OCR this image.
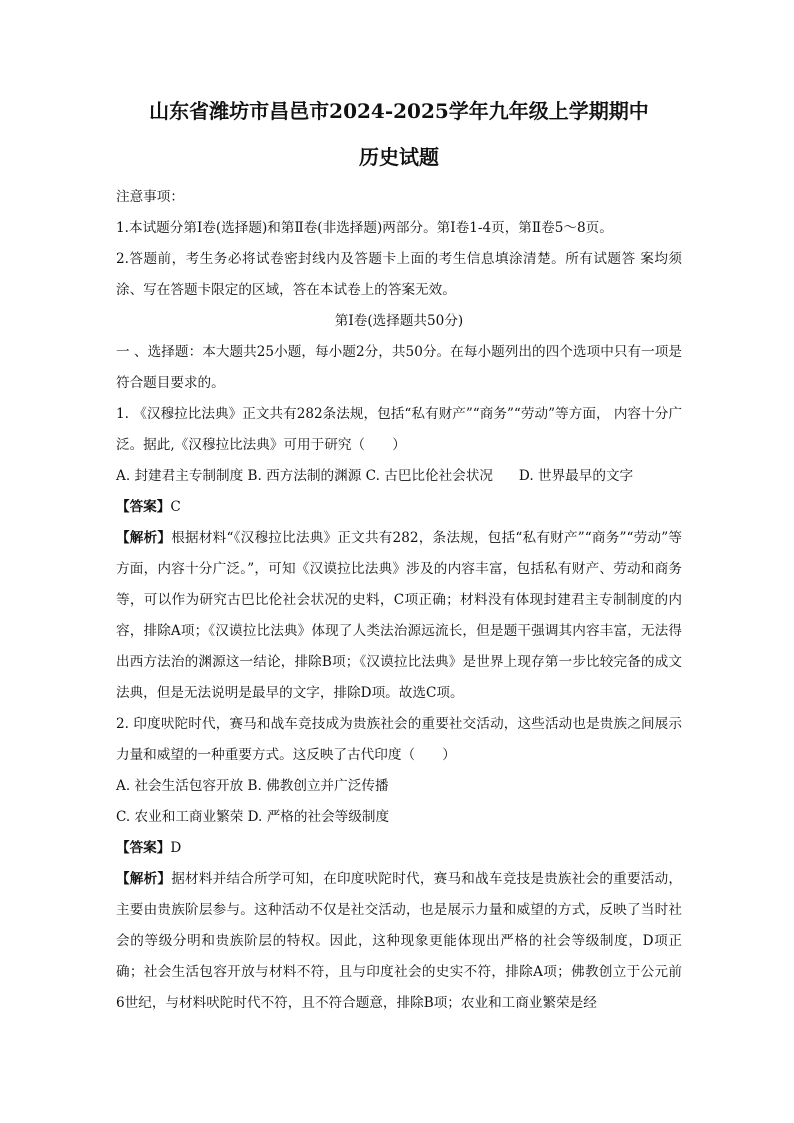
山东省潍坊市昌邑市2024-2025学年九年级上学期期中
历史试题

注意事项：

1.本试题分第Ⅰ卷(选择题)和第Ⅱ卷(非选择题)两部分。第Ⅰ卷1-4页，第Ⅱ卷5～8页。

2.答题前，考生务必将试卷密封线内及答题卡上面的考生信息填涂清楚。所有试题答 案均须涂、写在答题卡限定的区域，答在本试卷上的答案无效。

第Ⅰ卷(选择题共50分)

一 、选择题：本大题共25小题，每小题2分，共50分。在每小题列出的四个选项中只有一项是符合题目要求的。

1. 《汉穆拉比法典》正文共有282条法规，包括“私有财产”“商务”“劳动”等方面， 内容十分广泛。据此,《汉穆拉比法典》可用于研究（　　）

A. 封建君主专制制度 B. 西方法制的渊源 C. 古巴比伦社会状况 D. 世界最早的文字

【答案】C

【解析】根据材料“《汉穆拉比法典》正文共有282，条法规，包括“私有财产”“商务”“劳动”等方面，内容十分广泛。”，可知《汉谟拉比法典》涉及的内容丰富，包括私有财产、劳动和商务等，可以作为研究古巴比伦社会状况的史料，C项正确；材料没有体现封建君主专制制度的内容，排除A项；《汉谟拉比法典》体现了人类法治源远流长，但是题干强调其内容丰富，无法得出西方法治的渊源这一结论，排除B项；《汉谟拉比法典》是世界上现存第一步比较完备的成文法典，但是无法说明是最早的文字，排除D项。故选C项。

2. 印度吠陀时代，赛马和战车竞技成为贵族社会的重要社交活动，这些活动也是贵族之间展示力量和威望的一种重要方式。这反映了古代印度（　　）

A. 社会生活包容开放 B. 佛教创立并广泛传播

C. 农业和工商业繁荣 D. 严格的社会等级制度

【答案】D

【解析】据材料并结合所学可知，在印度吠陀时代，赛马和战车竞技是贵族社会的重要活动，主要由贵族阶层参与。这种活动不仅是社交活动，也是展示力量和威望的方式，反映了当时社会的等级分明和贵族阶层的特权。因此，这种现象更能体现出严格的社会等级制度，D项正确；社会生活包容开放与材料不符，且与印度社会的史实不符，排除A项；佛教创立于公元前 6世纪，与材料吠陀时代不符，且不符合题意，排除B项；农业和工商业繁荣是经
